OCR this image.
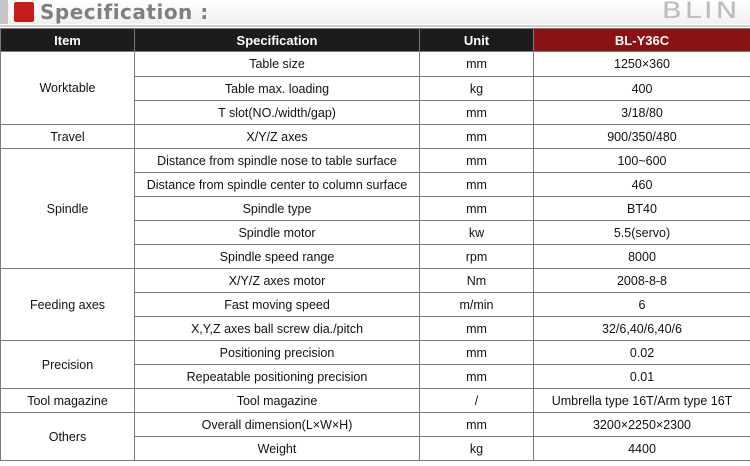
Specification :	BLIN
Item	Specification	Unit	BL-Y36C
Worktable	Table size	mm	1250×360
	Table max. loading	kg	400
	T slot(NO./width/gap)	mm	3/18/80
Travel	X/Y/Z axes	mm	900/350/480
Spindle	Distance from spindle nose to table surface	mm	100~600
	Distance from spindle center to column surface	mm	460
	Spindle type	mm	BT40
	Spindle motor	kw	5.5(servo)
	Spindle speed range	rpm	8000
Feeding axes	X/Y/Z axes motor	Nm	2008-8-8
	Fast moving speed	m/min	6
	X,Y,Z axes ball screw dia./pitch	mm	32/6,40/6,40/6
Precision	Positioning precision	mm	0.02
	Repeatable positioning precision	mm	0.01
Tool magazine	Tool magazine	/	Umbrella type 16T/Arm type 16T
Others	Overall dimension(L×W×H)	mm	3200×2250×2300
	Weight	kg	4400
